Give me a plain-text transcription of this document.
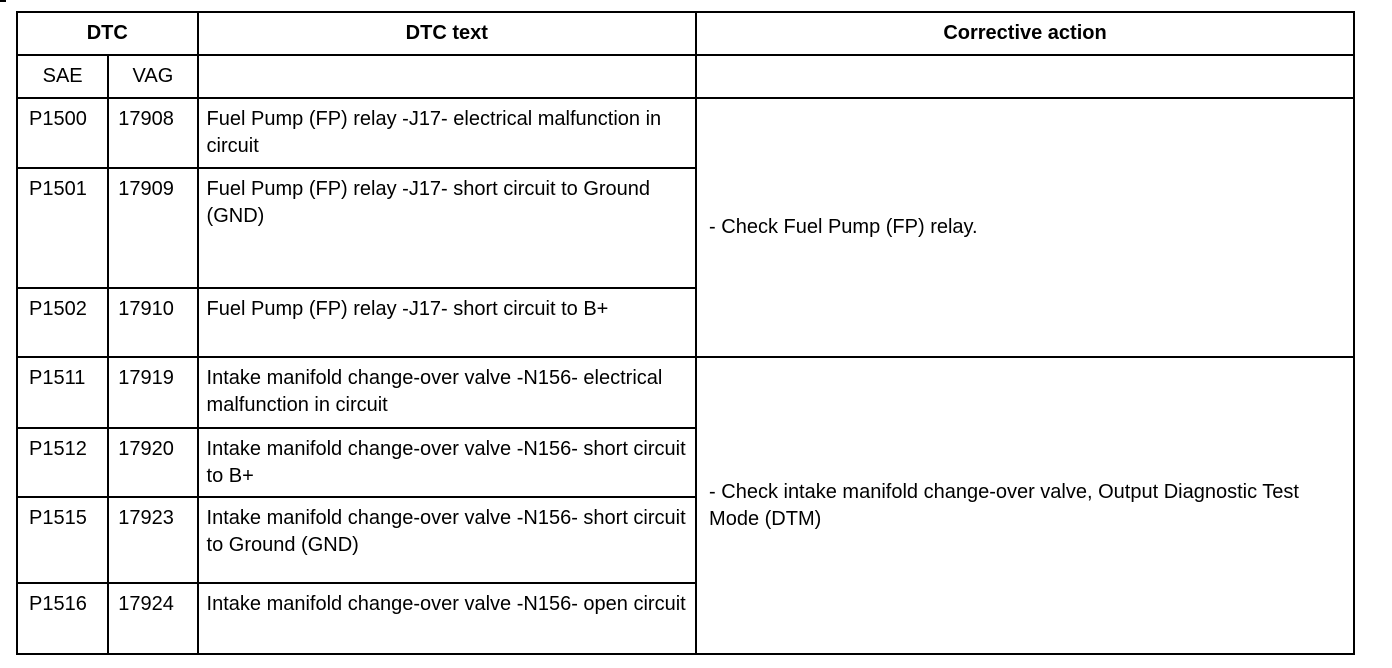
DTC		DTC text	Corrective action
SAE	VAG		
P1500	17908	Fuel Pump (FP) relay -J17- electrical malfunction in circuit	- Check Fuel Pump (FP) relay.
P1501	17909	Fuel Pump (FP) relay -J17- short circuit to Ground (GND)	
P1502	17910	Fuel Pump (FP) relay -J17- short circuit to B+	
P1511	17919	Intake manifold change-over valve -N156- electrical malfunction in circuit	- Check intake manifold change-over valve, Output Diagnostic Test Mode (DTM)
P1512	17920	Intake manifold change-over valve -N156- short circuit to B+	
P1515	17923	Intake manifold change-over valve -N156- short circuit to Ground (GND)	
P1516	17924	Intake manifold change-over valve -N156- open circuit	
